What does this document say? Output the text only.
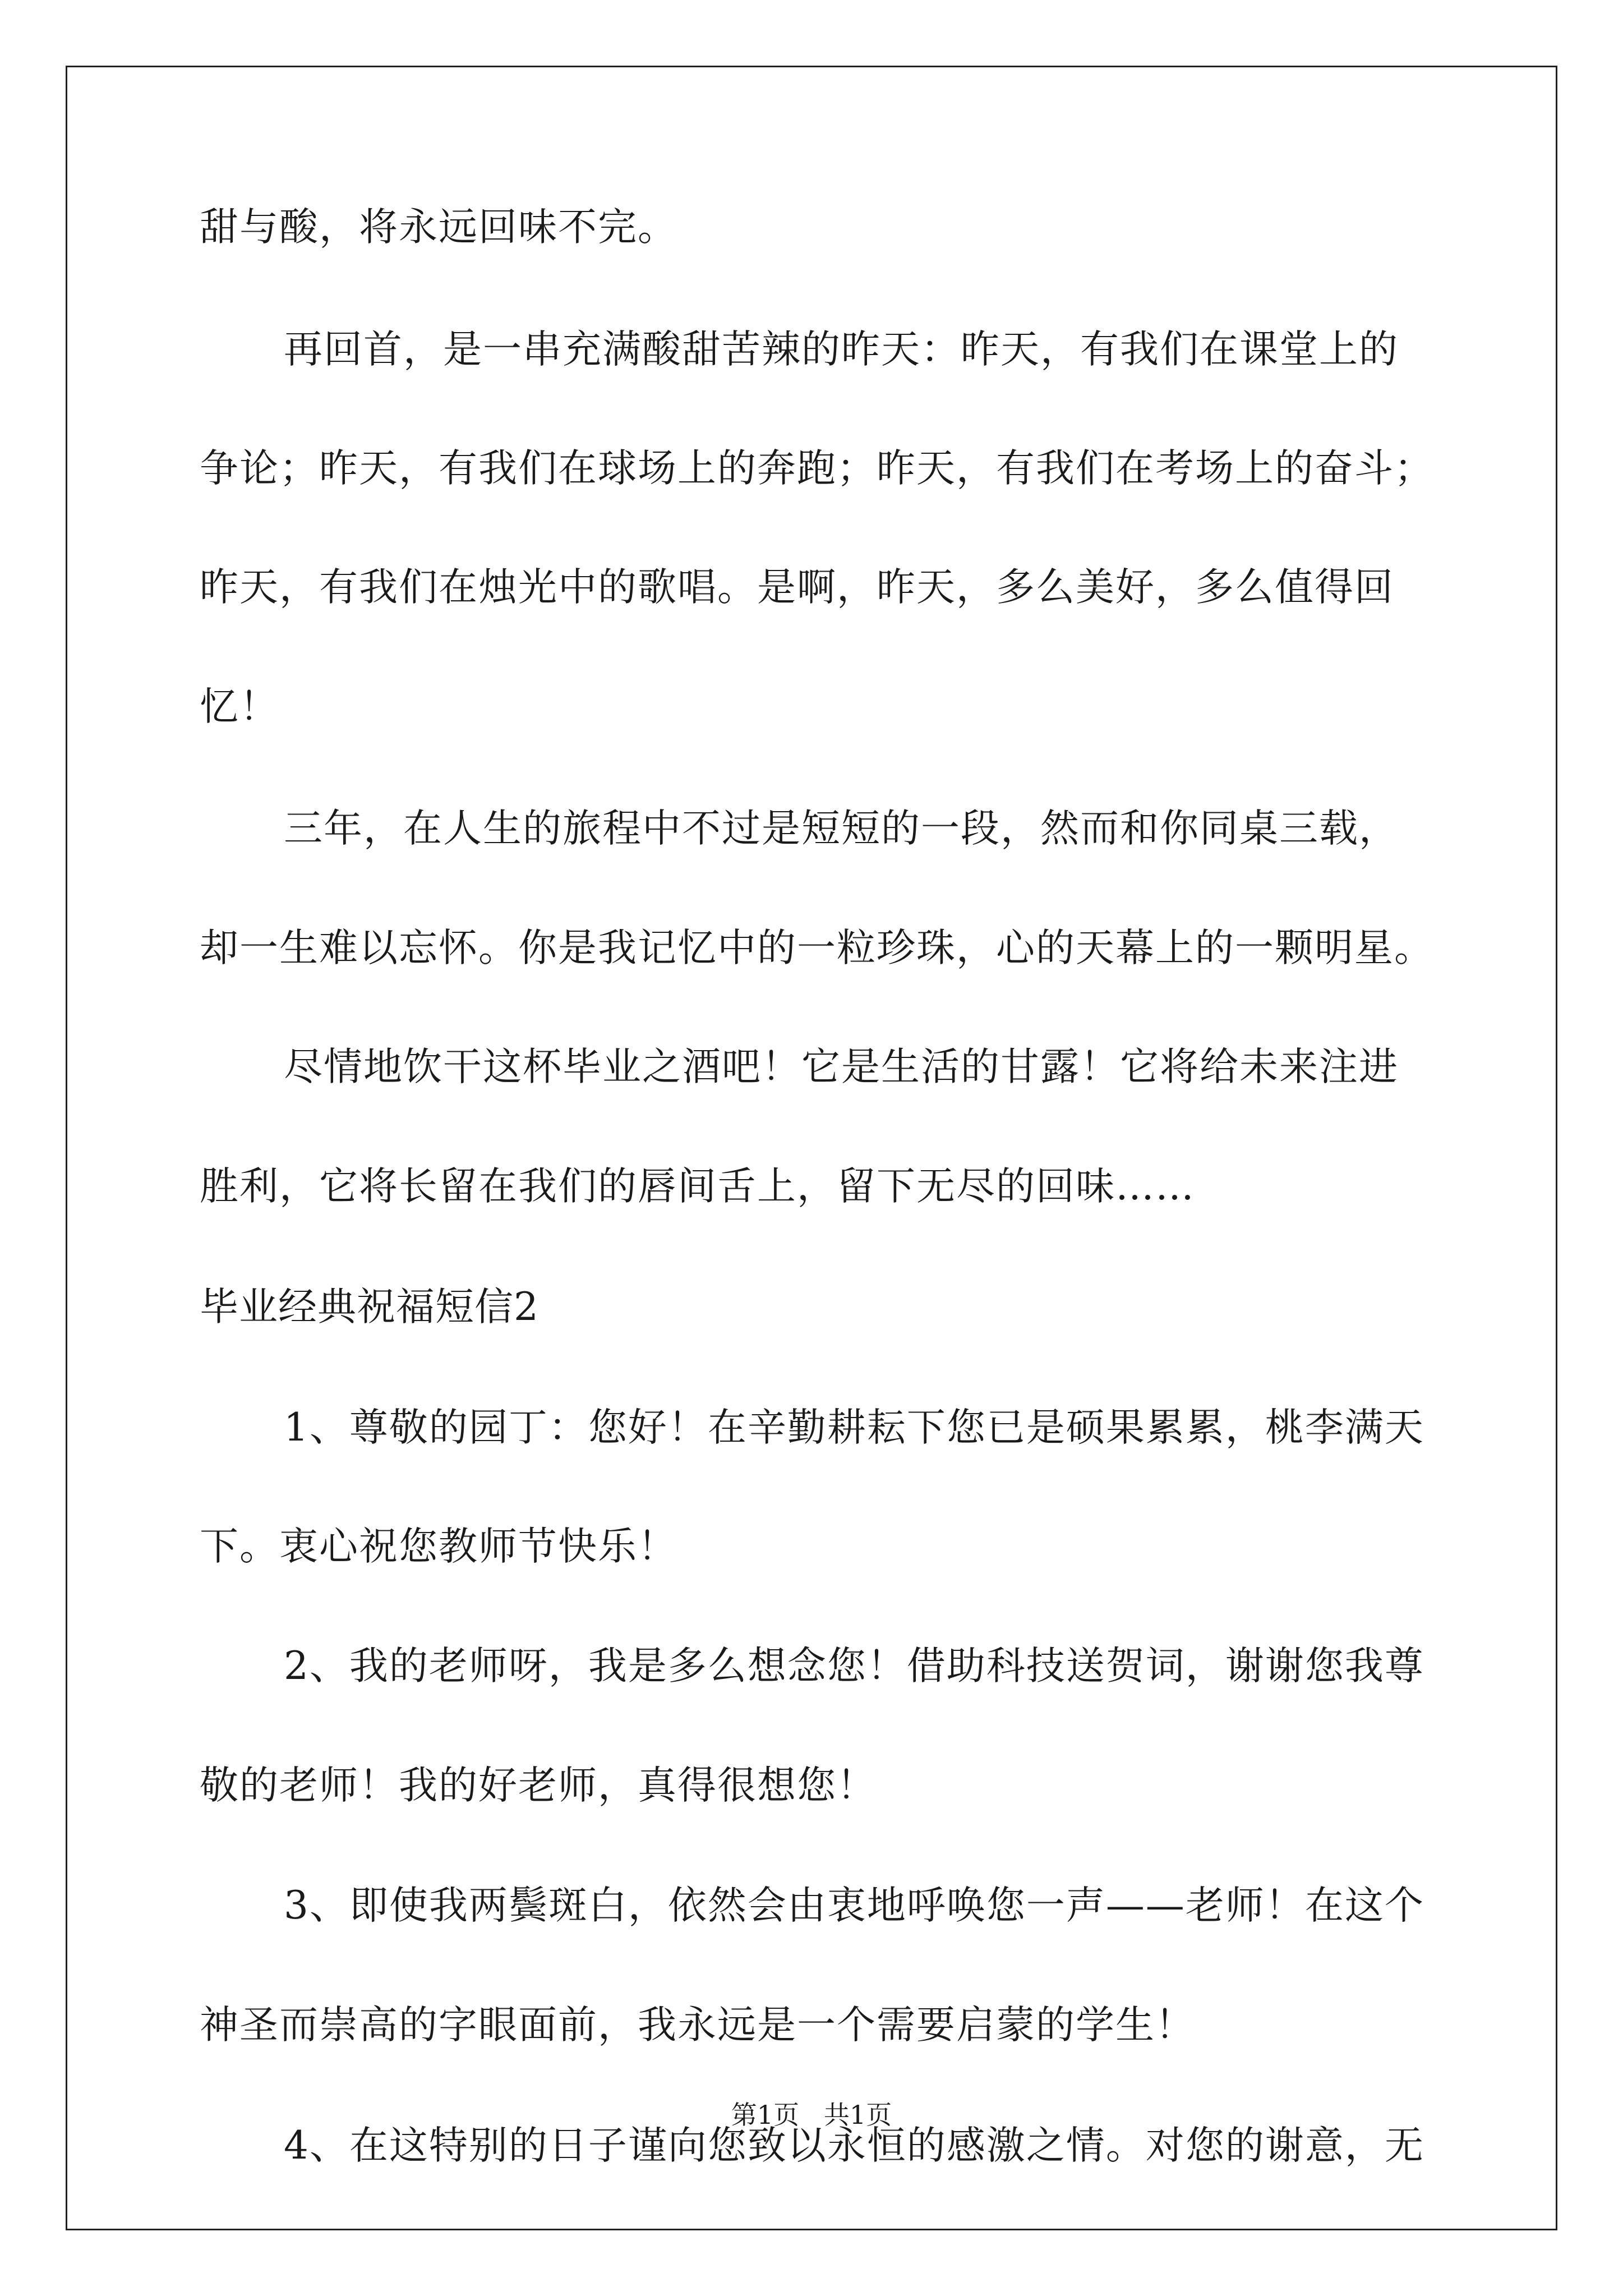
甜与酸，将永远回味不完。
再回首，是一串充满酸甜苦辣的昨天：昨天，有我们在课堂上的
争论；昨天，有我们在球场上的奔跑；昨天，有我们在考场上的奋斗；
昨天，有我们在烛光中的歌唱。是啊，昨天，多么美好，多么值得回
忆！
三年，在人生的旅程中不过是短短的一段，然而和你同桌三载，
却一生难以忘怀。你是我记忆中的一粒珍珠，心的天幕上的一颗明星。
尽情地饮干这杯毕业之酒吧！它是生活的甘露！它将给未来注进
胜利，它将长留在我们的唇间舌上，留下无尽的回味……
毕业经典祝福短信2
1、尊敬的园丁：您好！在辛勤耕耘下您已是硕果累累，桃李满天
下。衷心祝您教师节快乐！
2、我的老师呀，我是多么想念您！借助科技送贺词，谢谢您我尊
敬的老师！我的好老师，真得很想您！
3、即使我两鬓斑白，依然会由衷地呼唤您一声——老师！在这个
神圣而崇高的字眼面前，我永远是一个需要启蒙的学生！
4、在这特别的日子谨向您致以永恒的感激之情。对您的谢意，无
第1页   共1页
